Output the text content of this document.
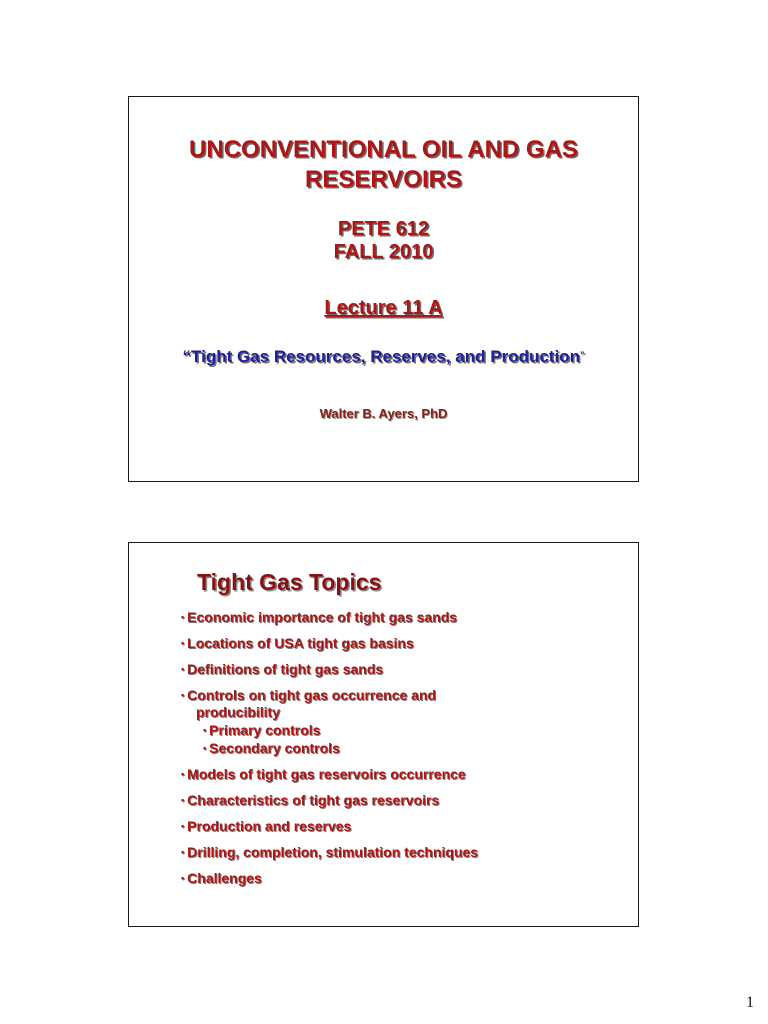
UNCONVENTIONAL OIL AND GAS
RESERVOIRS
PETE 612
FALL 2010
Lecture 11 A
“Tight Gas Resources, Reserves, and Production”
Walter B. Ayers, PhD
Tight Gas Topics
• Economic importance of tight gas sands
• Locations of USA tight gas basins
• Definitions of tight gas sands
• Controls on tight gas occurrence and
producibility
• Primary controls
• Secondary controls
• Models of tight gas reservoirs occurrence
• Characteristics of tight gas reservoirs
• Production and reserves
• Drilling, completion, stimulation techniques
• Challenges
1
